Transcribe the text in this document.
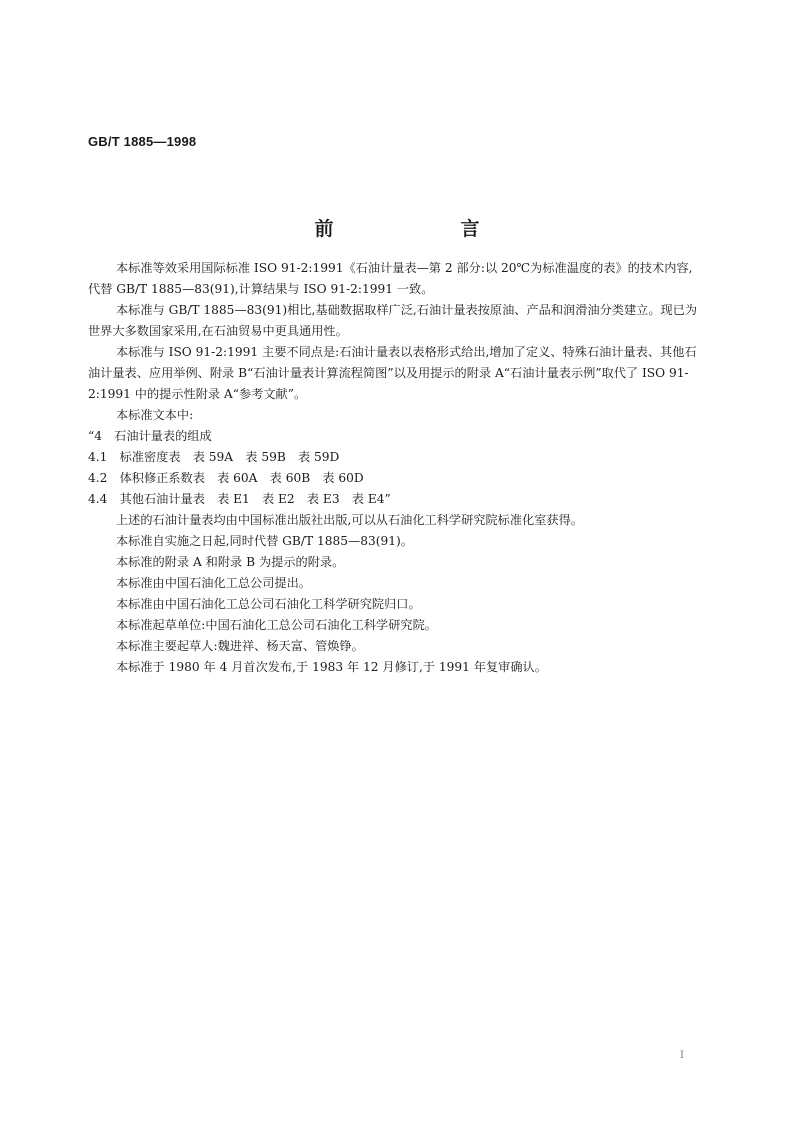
GB/T 1885—1998
前　言

本标准等效采用国际标准 ISO 91-2:1991《石油计量表—第 2 部分:以 20℃为标准温度的表》的技术内容,代替 GB/T 1885—83(91),计算结果与 ISO 91-2:1991 一致。

本标准与 GB/T 1885—83(91)相比,基础数据取样广泛,石油计量表按原油、产品和润滑油分类建立。现已为世界大多数国家采用,在石油贸易中更具通用性。

本标准与 ISO 91-2:1991 主要不同点是:石油计量表以表格形式给出,增加了定义、特殊石油计量表、其他石油计量表、应用举例、附录 B“石油计量表计算流程简图”以及用提示的附录 A“石油计量表示例”取代了 ISO 91-2:1991 中的提示性附录 A“参考文献”。

本标准文本中:

“4　石油计量表的组成

4.1　标准密度表　表 59A　表 59B　表 59D

4.2　体积修正系数表　表 60A　表 60B　表 60D

4.4　其他石油计量表　表 E1　表 E2　表 E3　表 E4”

上述的石油计量表均由中国标准出版社出版,可以从石油化工科学研究院标准化室获得。

本标准自实施之日起,同时代替 GB/T 1885—83(91)。

本标准的附录 A 和附录 B 为提示的附录。

本标准由中国石油化工总公司提出。

本标准由中国石油化工总公司石油化工科学研究院归口。

本标准起草单位:中国石油化工总公司石油化工科学研究院。

本标准主要起草人:魏进祥、杨天富、管焕铮。

本标准于 1980 年 4 月首次发布,于 1983 年 12 月修订,于 1991 年复审确认。

I
